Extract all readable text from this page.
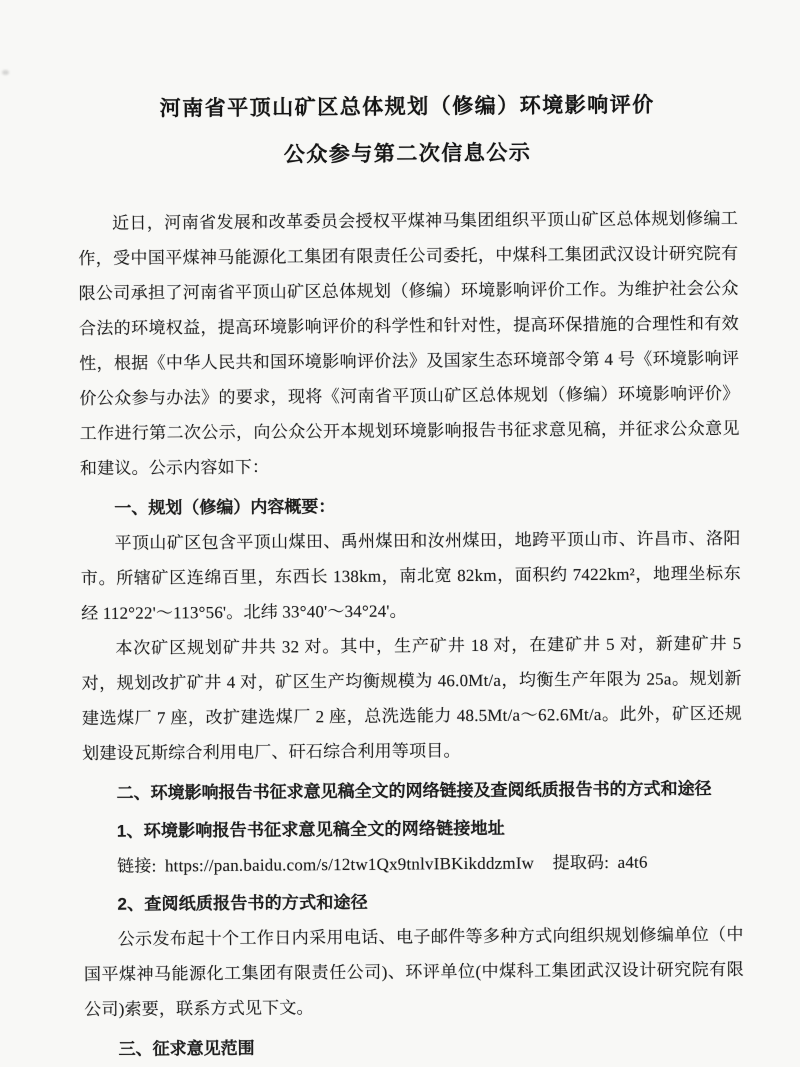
河南省平顶山矿区总体规划（修编）环境影响评价
公众参与第二次信息公示

近日，河南省发展和改革委员会授权平煤神马集团组织平顶山矿区总体规划修编工作，受中国平煤神马能源化工集团有限责任公司委托，中煤科工集团武汉设计研究院有限公司承担了河南省平顶山矿区总体规划（修编）环境影响评价工作。为维护社会公众合法的环境权益，提高环境影响评价的科学性和针对性，提高环保措施的合理性和有效性，根据《中华人民共和国环境影响评价法》及国家生态环境部令第 4 号《环境影响评价公众参与办法》的要求，现将《河南省平顶山矿区总体规划（修编）环境影响评价》工作进行第二次公示，向公众公开本规划环境影响报告书征求意见稿，并征求公众意见和建议。公示内容如下：

一、规划（修编）内容概要：

平顶山矿区包含平顶山煤田、禹州煤田和汝州煤田，地跨平顶山市、许昌市、洛阳市。所辖矿区连绵百里，东西长 138km，南北宽 82km，面积约 7422km²，地理坐标东经 112°22'～113°56'。北纬 33°40'～34°24'。

本次矿区规划矿井共 32 对。其中，生产矿井 18 对，在建矿井 5 对，新建矿井 5 对，规划改扩矿井 4 对，矿区生产均衡规模为 46.0Mt/a，均衡生产年限为 25a。规划新建选煤厂 7 座，改扩建选煤厂 2 座，总洗选能力 48.5Mt/a～62.6Mt/a。此外，矿区还规划建设瓦斯综合利用电厂、矸石综合利用等项目。

二、环境影响报告书征求意见稿全文的网络链接及查阅纸质报告书的方式和途径

1、环境影响报告书征求意见稿全文的网络链接地址

链接: https://pan.baidu.com/s/12tw1Qx9tnlvIBKikddzmIw 提取码: a4t6

2、查阅纸质报告书的方式和途径

公示发布起十个工作日内采用电话、电子邮件等多种方式向组织规划修编单位（中国平煤神马能源化工集团有限责任公司)、环评单位(中煤科工集团武汉设计研究院有限公司)索要，联系方式见下文。

三、征求意见范围
